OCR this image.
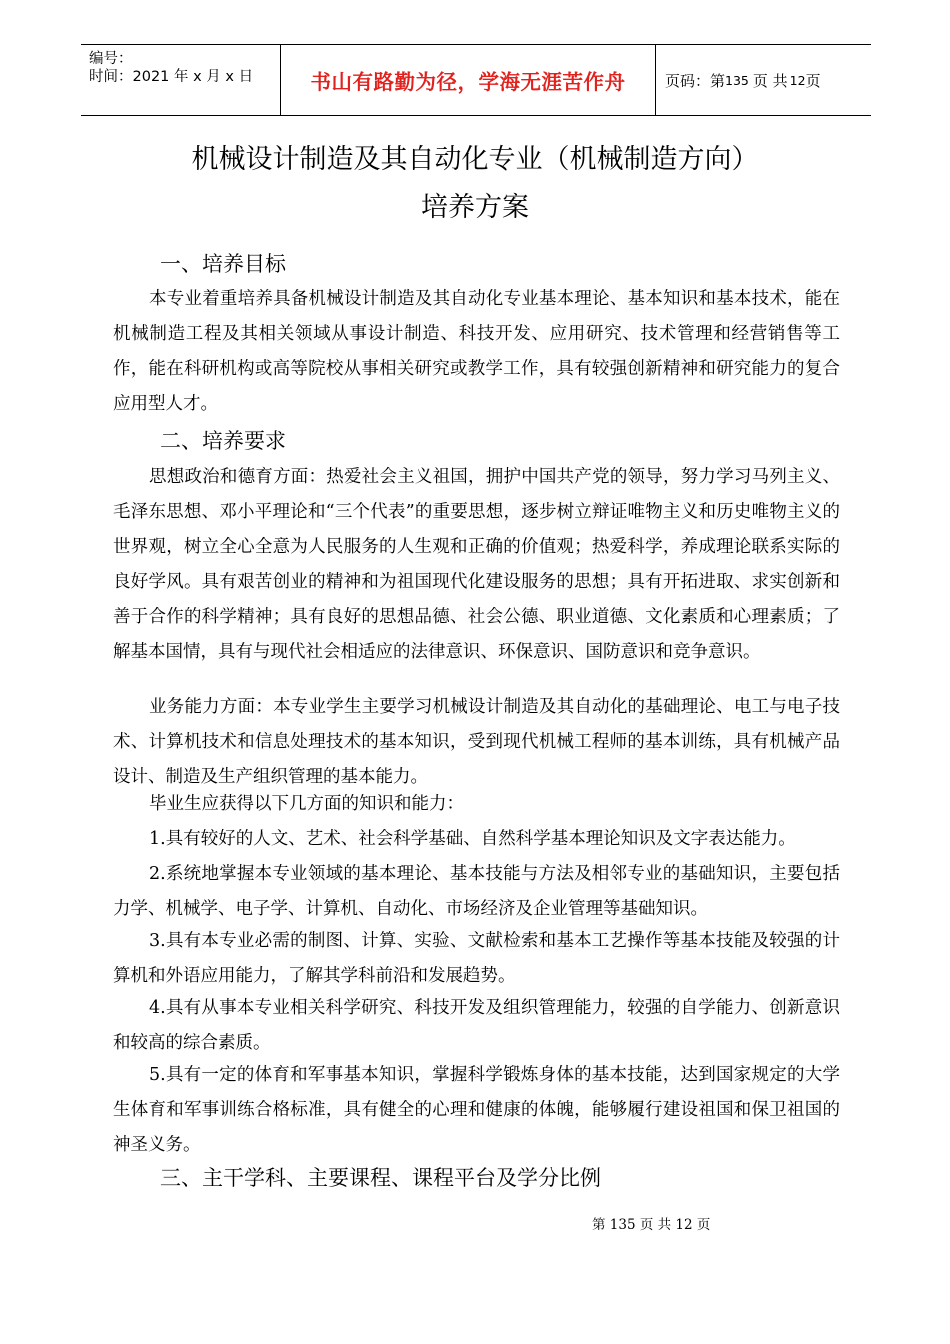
编号：
时间：2021 年 x 月 x 日	书山有路勤为径，学海无涯苦作舟	页码：第 135 页 共 12 页
机械设计制造及其自动化专业（机械制造方向）
培养方案
一、培养目标

本专业着重培养具备机械设计制造及其自动化专业基本理论、基本知识和基本技术，能在机械制造工程及其相关领域从事设计制造、科技开发、应用研究、技术管理和经营销售等工作，能在科研机构或高等院校从事相关研究或教学工作，具有较强创新精神和研究能力的复合应用型人才。

二、培养要求

思想政治和德育方面：热爱社会主义祖国，拥护中国共产党的领导，努力学习马列主义、毛泽东思想、邓小平理论和“三个代表”的重要思想，逐步树立辩证唯物主义和历史唯物主义的世界观，树立全心全意为人民服务的人生观和正确的价值观；热爱科学，养成理论联系实际的良好学风。具有艰苦创业的精神和为祖国现代化建设服务的思想；具有开拓进取、求实创新和善于合作的科学精神；具有良好的思想品德、社会公德、职业道德、文化素质和心理素质；了解基本国情，具有与现代社会相适应的法律意识、环保意识、国防意识和竞争意识。

业务能力方面：本专业学生主要学习机械设计制造及其自动化的基础理论、电工与电子技术、计算机技术和信息处理技术的基本知识，受到现代机械工程师的基本训练，具有机械产品设计、制造及生产组织管理的基本能力。

毕业生应获得以下几方面的知识和能力：

1.具有较好的人文、艺术、社会科学基础、自然科学基本理论知识及文字表达能力。

2.系统地掌握本专业领域的基本理论、基本技能与方法及相邻专业的基础知识，主要包括力学、机械学、电子学、计算机、自动化、市场经济及企业管理等基础知识。

3.具有本专业必需的制图、计算、实验、文献检索和基本工艺操作等基本技能及较强的计算机和外语应用能力，了解其学科前沿和发展趋势。

4.具有从事本专业相关科学研究、科技开发及组织管理能力，较强的自学能力、创新意识和较高的综合素质。

5.具有一定的体育和军事基本知识，掌握科学锻炼身体的基本技能，达到国家规定的大学生体育和军事训练合格标准，具有健全的心理和健康的体魄，能够履行建设祖国和保卫祖国的神圣义务。

三、主干学科、主要课程、课程平台及学分比例
第 135 页 共 12 页
